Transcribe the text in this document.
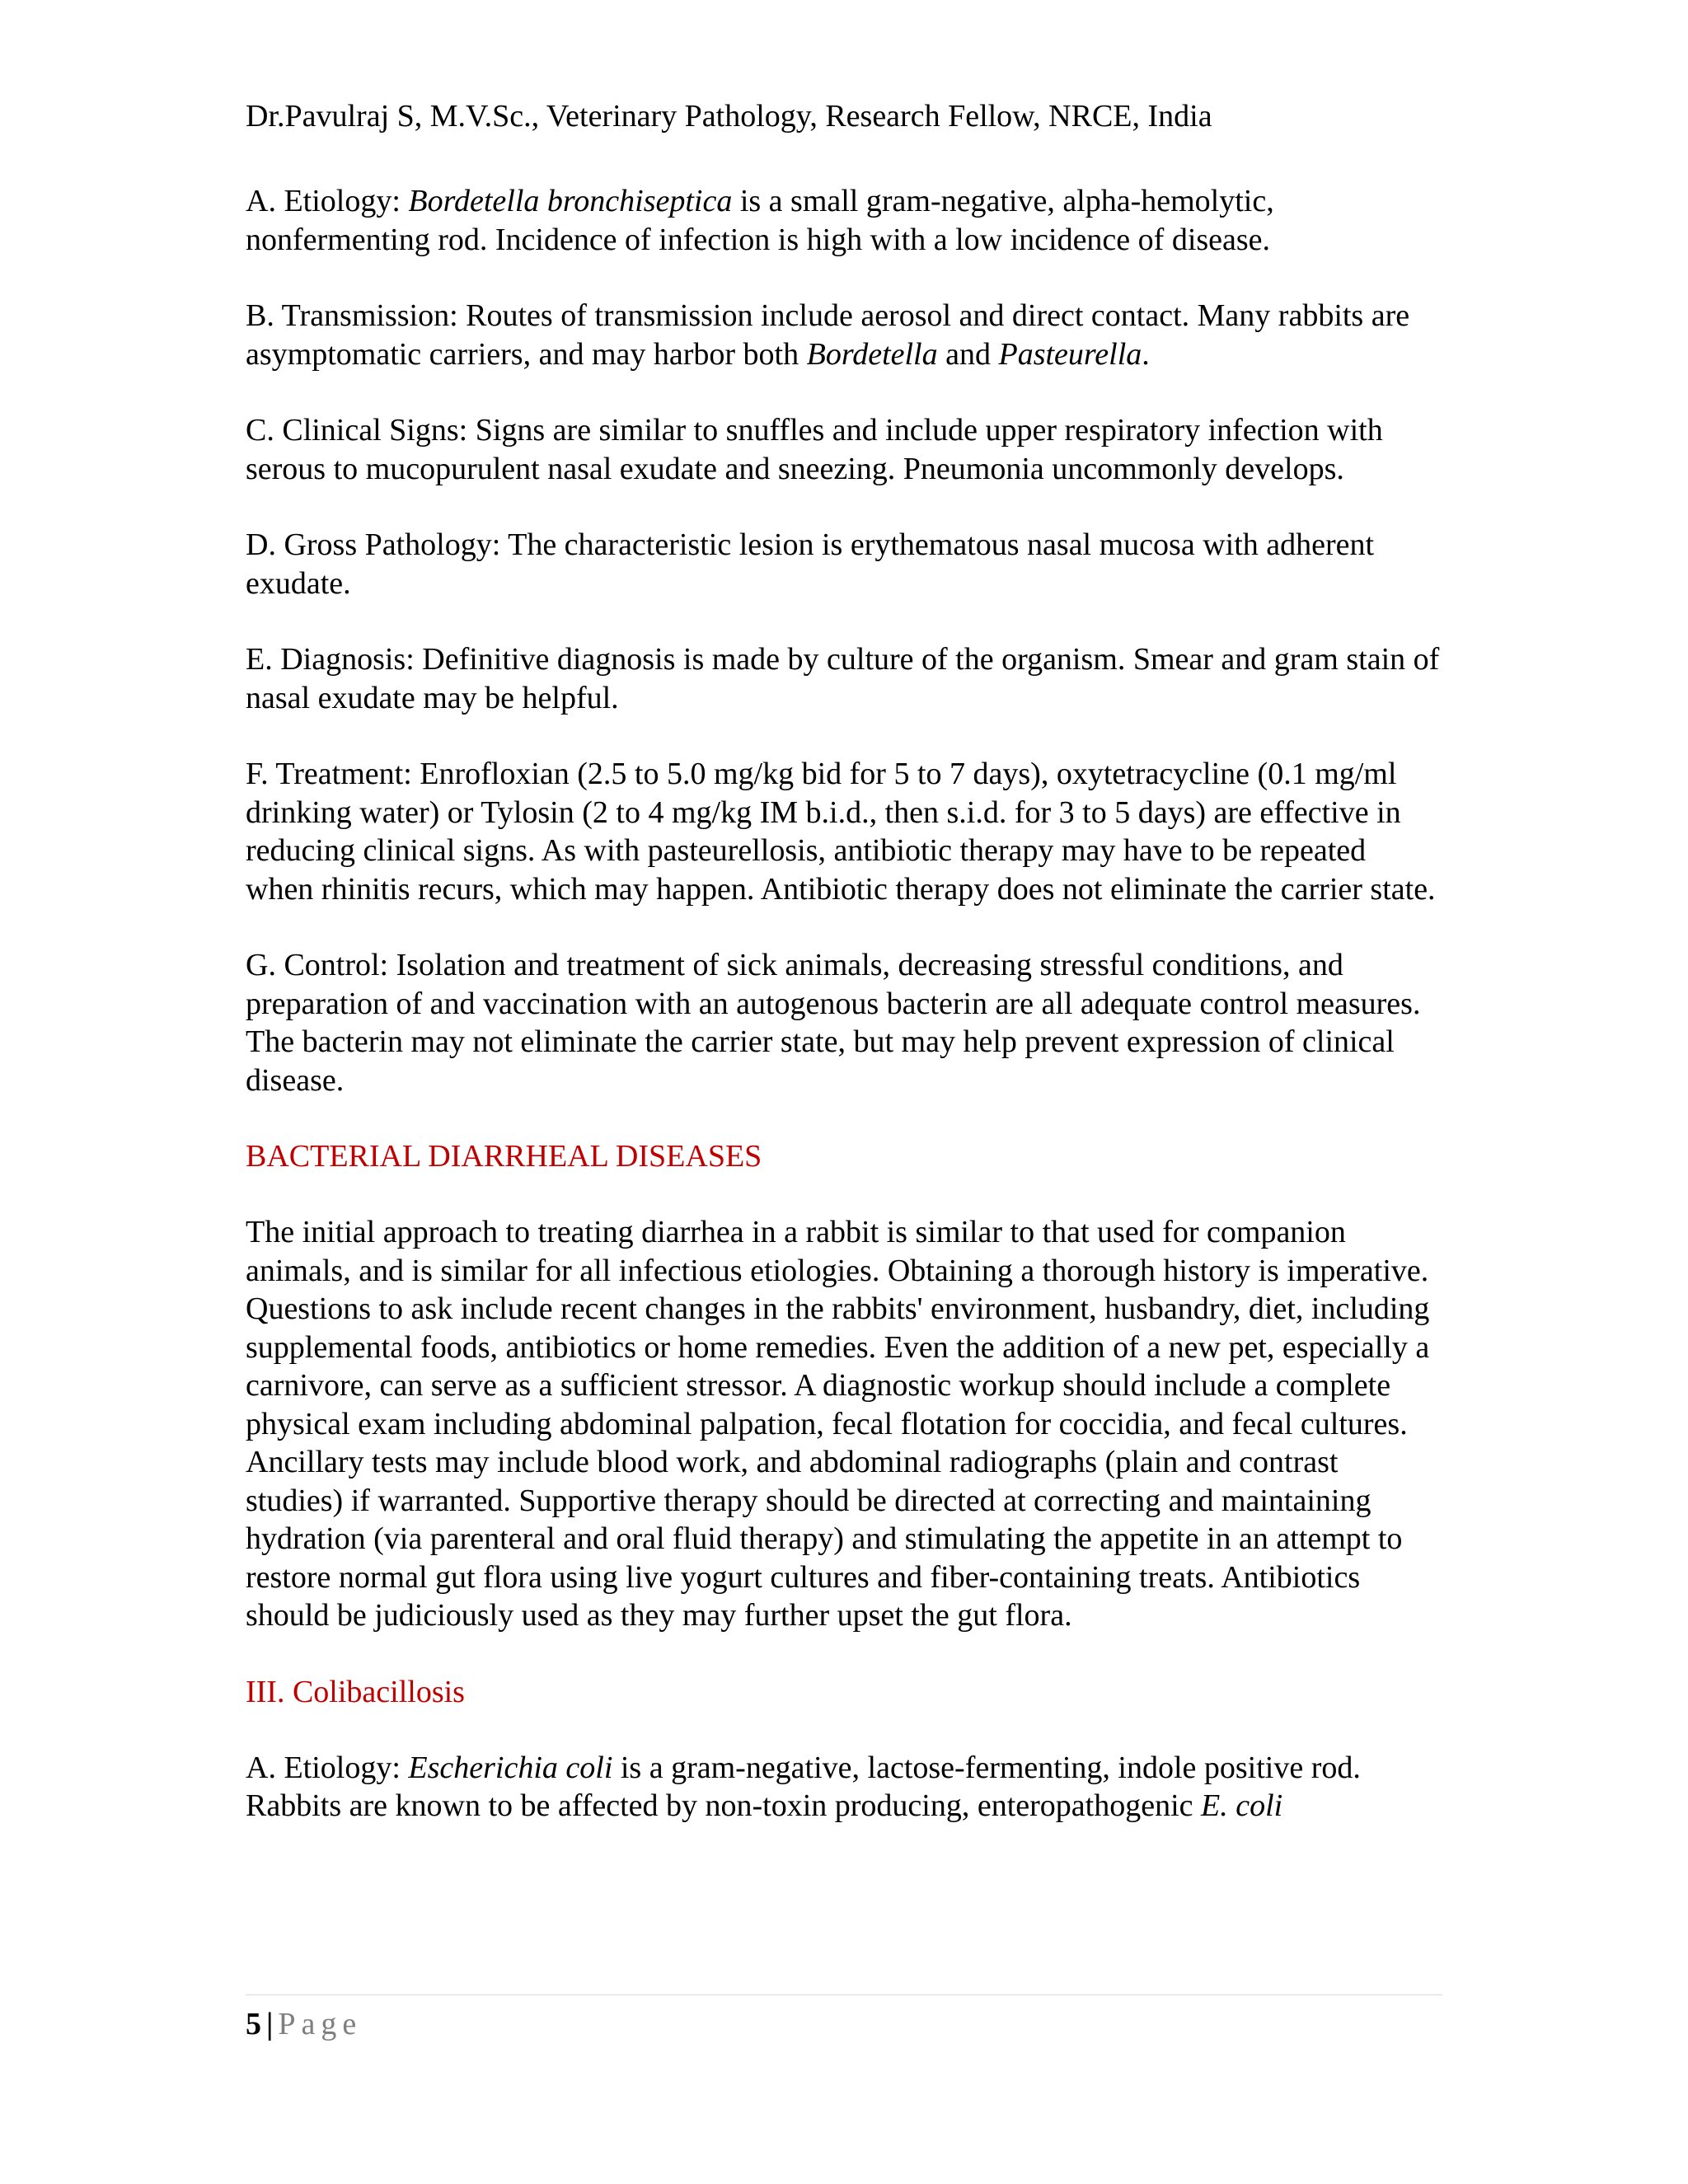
Dr.Pavulraj S, M.V.Sc., Veterinary Pathology, Research Fellow, NRCE, India

A. Etiology: Bordetella bronchiseptica is a small gram-negative, alpha-hemolytic, nonfermenting rod. Incidence of infection is high with a low incidence of disease.

B. Transmission: Routes of transmission include aerosol and direct contact. Many rabbits are asymptomatic carriers, and may harbor both Bordetella and Pasteurella.

C. Clinical Signs: Signs are similar to snuffles and include upper respiratory infection with serous to mucopurulent nasal exudate and sneezing. Pneumonia uncommonly develops.

D. Gross Pathology: The characteristic lesion is erythematous nasal mucosa with adherent exudate.

E. Diagnosis: Definitive diagnosis is made by culture of the organism. Smear and gram stain of nasal exudate may be helpful.

F. Treatment: Enrofloxian (2.5 to 5.0 mg/kg bid for 5 to 7 days), oxytetracycline (0.1 mg/ml drinking water) or Tylosin (2 to 4 mg/kg IM b.i.d., then s.i.d. for 3 to 5 days) are effective in reducing clinical signs. As with pasteurellosis, antibiotic therapy may have to be repeated when rhinitis recurs, which may happen. Antibiotic therapy does not eliminate the carrier state.

G. Control: Isolation and treatment of sick animals, decreasing stressful conditions, and preparation of and vaccination with an autogenous bacterin are all adequate control measures. The bacterin may not eliminate the carrier state, but may help prevent expression of clinical disease.

BACTERIAL DIARRHEAL DISEASES

The initial approach to treating diarrhea in a rabbit is similar to that used for companion animals, and is similar for all infectious etiologies. Obtaining a thorough history is imperative. Questions to ask include recent changes in the rabbits' environment, husbandry, diet, including supplemental foods, antibiotics or home remedies. Even the addition of a new pet, especially a carnivore, can serve as a sufficient stressor. A diagnostic workup should include a complete physical exam including abdominal palpation, fecal flotation for coccidia, and fecal cultures. Ancillary tests may include blood work, and abdominal radiographs (plain and contrast studies) if warranted. Supportive therapy should be directed at correcting and maintaining hydration (via parenteral and oral fluid therapy) and stimulating the appetite in an attempt to restore normal gut flora using live yogurt cultures and fiber-containing treats. Antibiotics should be judiciously used as they may further upset the gut flora.

III. Colibacillosis

A. Etiology: Escherichia coli is a gram-negative, lactose-fermenting, indole positive rod. Rabbits are known to be affected by non-toxin producing, enteropathogenic E. coli

5 | Page
